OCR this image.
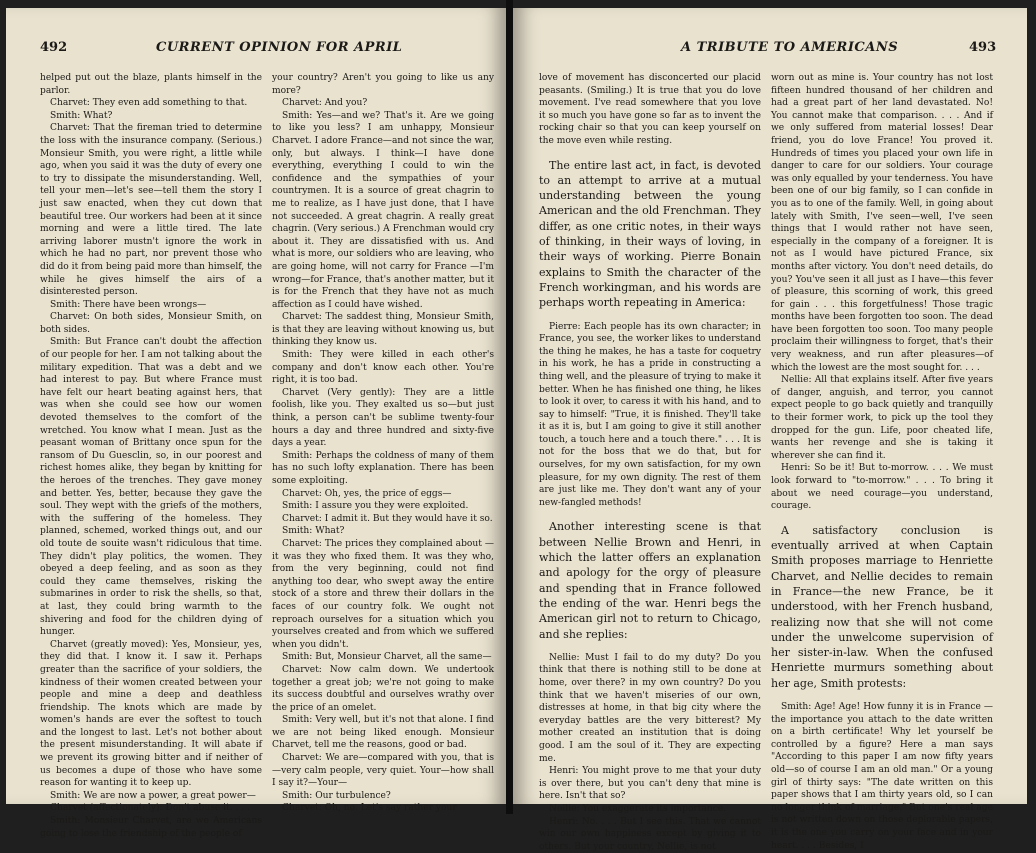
492	CURRENT OPINION FOR APRIL

helped put out the blaze, plants himself in the parlor.

Charvet: They even add something to that.

Smith: What?

Charvet: That the fireman tried to determine the loss with the insurance company. (Serious.) Monsieur Smith, you were right, a little while ago, when you said it was the duty of every one to try to dissipate the misunderstanding. Well, tell your men—let's see—tell them the story I just saw enacted, when they cut down that beautiful tree. Our workers had been at it since morning and were a little tired. The late arriving laborer mustn't ignore the work in which he had no part, nor prevent those who did do it from being paid more than himself, the while he gives himself the airs of a disinterested person.

Smith: There have been wrongs—

Charvet: On both sides, Monsieur Smith, on both sides.

Smith: But France can't doubt the affection of our people for her. I am not talking about the military expedition. That was a debt and we had interest to pay. But where France must have felt our heart beating against hers, that was when she could see how our women devoted themselves to the comfort of the wretched. You know what I mean. Just as the peasant woman of Brittany once spun for the ransom of Du Guesclin, so, in our poorest and richest homes alike, they began by knitting for the heroes of the trenches. They gave money and better. Yes, better, because they gave the soul. They wept with the griefs of the mothers, with the suffering of the homeless. They planned, schemed, worked things out, and our old toute de souite wasn't ridiculous that time. They didn't play politics, the women. They obeyed a deep feeling, and as soon as they could they came themselves, risking the submarines in order to risk the shells, so that, at last, they could bring warmth to the shivering and food for the children dying of hunger.

Charvet (greatly moved): Yes, Monsieur, yes, they did that. I know it. I saw it. Perhaps greater than the sacrifice of your soldiers, the kindness of their women created between your people and mine a deep and deathless friendship. The knots which are made by women's hands are ever the softest to touch and the longest to last. Let's not bother about the present misunderstanding. It will abate if we prevent its growing bitter and if neither of us becomes a dupe of those who have some reason for wanting it to keep up.

Smith: We are now a power, a great power—

Charvet (affectionately): Don't abuse it. . . .

Smith: Monsieur Charvet, are we Americans going to lose the friendship of the people of

your country? Aren't you going to like us any more?

Charvet: And you?

Smith: Yes—and we? That's it. Are we going to like you less? I am unhappy, Monsieur Charvet. I adore France—and not since the war, only, but always. I think—I have done everything, everything I could to win the confidence and the sympathies of your countrymen. It is a source of great chagrin to me to realize, as I have just done, that I have not succeeded. A great chagrin. A really great chagrin. (Very serious.) A Frenchman would cry about it. They are dissatisfied with us. And what is more, our soldiers who are leaving, who are going home, will not carry for France —I'm wrong—for France, that's another matter, but it is for the French that they have not as much affection as I could have wished.

Charvet: The saddest thing, Monsieur Smith, is that they are leaving without knowing us, but thinking they know us.

Smith: They were killed in each other's company and don't know each other. You're right, it is too bad.

Charvet (Very gently): They are a little foolish, like you. They exalted us so—but just think, a person can't be sublime twenty-four hours a day and three hundred and sixty-five days a year.

Smith: Perhaps the coldness of many of them has no such lofty explanation. There has been some exploiting.

Charvet: Oh, yes, the price of eggs—

Smith: I assure you they were exploited.

Charvet: I admit it. But they would have it so.

Smith: What?

Charvet: The prices they complained about —it was they who fixed them. It was they who, from the very beginning, could not find anything too dear, who swept away the entire stock of a store and threw their dollars in the faces of our country folk. We ought not reproach ourselves for a situation which you yourselves created and from which we suffered when you didn't.

Smith: But, Monsieur Charvet, all the same—

Charvet: Now calm down. We undertook together a great job; we're not going to make its success doubtful and ourselves wrathy over the price of an omelet.

Smith: Very well, but it's not that alone. I find we are not being liked enough. Monsieur Charvet, tell me the reasons, good or bad.

Charvet: We are—compared with you, that is—very calm people, very quiet. Your—how shall I say it?—Your—

Smith: Our turbulence?

Charvet: Oh, no. Let's say rather your

A TRIBUTE TO AMERICANS	493

love of movement has disconcerted our placid peasants. (Smiling.) It is true that you do love movement. I've read somewhere that you love it so much you have gone so far as to invent the rocking chair so that you can keep yourself on the move even while resting.

The entire last act, in fact, is devoted to an attempt to arrive at a mutual understanding between the young American and the old Frenchman. They differ, as one critic notes, in their ways of thinking, in their ways of loving, in their ways of working. Pierre Bonain explains to Smith the character of the French workingman, and his words are perhaps worth repeating in America:

Pierre: Each people has its own character; in France, you see, the worker likes to understand the thing he makes, he has a taste for coquetry in his work, he has a pride in constructing a thing well, and the pleasure of trying to make it better. When he has finished one thing, he likes to look it over, to caress it with his hand, and to say to himself: "True, it is finished. They'll take it as it is, but I am going to give it still another touch, a touch here and a touch there." . . . It is not for the boss that we do that, but for ourselves, for my own satisfaction, for my own pleasure, for my own dignity. The rest of them are just like me. They don't want any of your new-fangled methods!

Another interesting scene is that between Nellie Brown and Henri, in which the latter offers an explanation and apology for the orgy of pleasure and spending that in France followed the ending of the war. Henri begs the American girl not to return to Chicago, and she replies:

Nellie: Must I fail to do my duty? Do you think that there is nothing still to be done at home, over there? in my own country? Do you think that we haven't miseries of our own, distresses at home, in that big city where the everyday battles are the very bitterest? My mother created an institution that is doing good. I am the soul of it. They are expecting me.

Henri: You might prove to me that your duty is over there, but you can't deny that mine is here. Isn't that so?

Nellie: You exaggerate its importance.

Henri: No. . . . But I see this. That we cannot win our own happiness except by giving it to others. But your country, Nellie, is not

worn out as mine is. Your country has not lost fifteen hundred thousand of her children and had a great part of her land devastated. No! You cannot make that comparison. . . . And if we only suffered from material losses! Dear friend, you do love France! You proved it. Hundreds of times you placed your own life in danger to care for our soldiers. Your courage was only equalled by your tenderness. You have been one of our big family, so I can confide in you as to one of the family. Well, in going about lately with Smith, I've seen—well, I've seen things that I would rather not have seen, especially in the company of a foreigner. It is not as I would have pictured France, six months after victory. You don't need details, do you? You've seen it all just as I have—this fever of pleasure, this scorning of work, this greed for gain . . . this forgetfulness! Those tragic months have been forgotten too soon. The dead have been forgotten too soon. Too many people proclaim their willingness to forget, that's their very weakness, and run after pleasures—of which the lowest are the most sought for. . . .

Nellie: All that explains itself. After five years of danger, anguish, and terror, you cannot expect people to go back quietly and tranquilly to their former work, to pick up the tool they dropped for the gun. Life, poor cheated life, wants her revenge and she is taking it wherever she can find it.

Henri: So be it! But to-morrow. . . . We must look forward to "to-morrow." . . . To bring it about we need courage—you understand, courage.

A satisfactory conclusion is eventually arrived at when Captain Smith proposes marriage to Henriette Charvet, and Nellie decides to remain in France—the new France, be it understood, with her French husband, realizing now that she will not come under the unwelcome supervision of her sister-in-law. When the confused Henriette murmurs something about her age, Smith protests:

Smith: Age! Age! How funny it is in France —the importance you attach to the date written on a birth certificate! Why let yourself be controlled by a figure? Here a man says "According to this paper I am now fifty years old—so of course I am an old man." Or a young girl of thirty says: "The date written on this paper shows that I am thirty years old, so I can no longer think of marriage." But one's real age is not written down on those deplorable papers, it is the one you carry on your face and in your heart. . . . Besides, I
